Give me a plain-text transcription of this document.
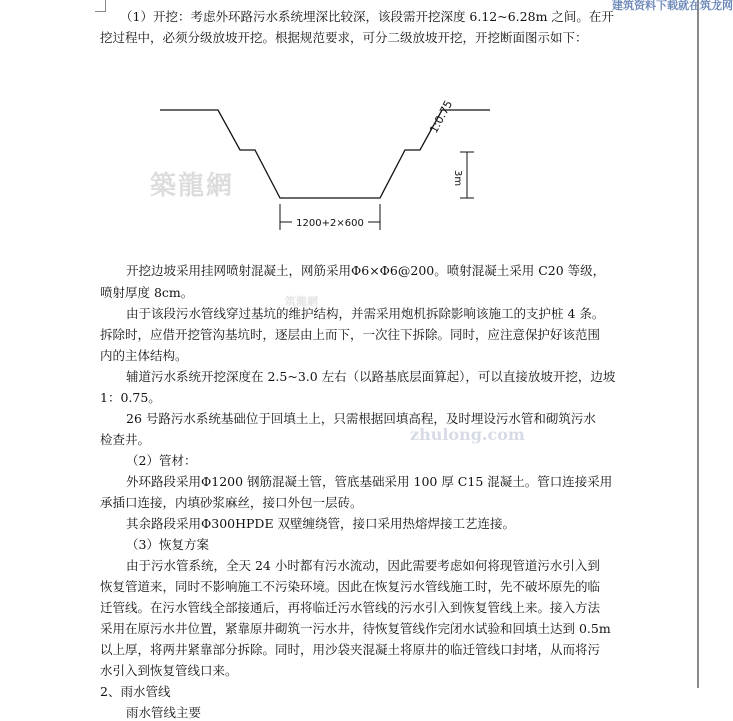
建筑资料下载就在筑龙网
築龍網
zhulong.com
筑龍網
（1）开挖：考虑外环路污水系统埋深比较深，该段需开挖深度 6.12~6.28m 之间。在开
挖过程中，必须分级放坡开挖。根据规范要求，可分二级放坡开挖，开挖断面图示如下：
1:0.75
3m
1200+2×600
开挖边坡采用挂网喷射混凝土，网筋采用Φ6×Φ6@200。喷射混凝土采用 C20 等级，
喷射厚度 8cm。
由于该段污水管线穿过基坑的维护结构，并需采用炮机拆除影响该施工的支护桩 4 条。
拆除时，应借开挖管沟基坑时，逐层由上而下，一次往下拆除。同时，应注意保护好该范围
内的主体结构。
辅道污水系统开挖深度在 2.5~3.0 左右（以路基底层面算起），可以直接放坡开挖，边坡
1：0.75。
26 号路污水系统基础位于回填土上，只需根据回填高程，及时埋设污水管和砌筑污水
检查井。
（2）管材：
外环路段采用Φ1200 钢筋混凝土管，管底基础采用 100 厚 C15 混凝土。管口连接采用
承插口连接，内填砂浆麻丝，接口外包一层砖。
其余路段采用Φ300HPDE 双壁缠绕管，接口采用热熔焊接工艺连接。
（3）恢复方案
由于污水管系统，全天 24 小时都有污水流动，因此需要考虑如何将现管道污水引入到
恢复管道来，同时不影响施工不污染环境。因此在恢复污水管线施工时，先不破坏原先的临
迁管线。在污水管线全部接通后，再将临迁污水管线的污水引入到恢复管线上来。接入方法
采用在原污水井位置，紧靠原井砌筑一污水井，待恢复管线作完闭水试验和回填土达到 0.5m
以上厚，将两井紧靠部分拆除。同时，用沙袋夹混凝土将原井的临迁管线口封堵，从而将污
水引入到恢复管线口来。
2、雨水管线
雨水管线主要
